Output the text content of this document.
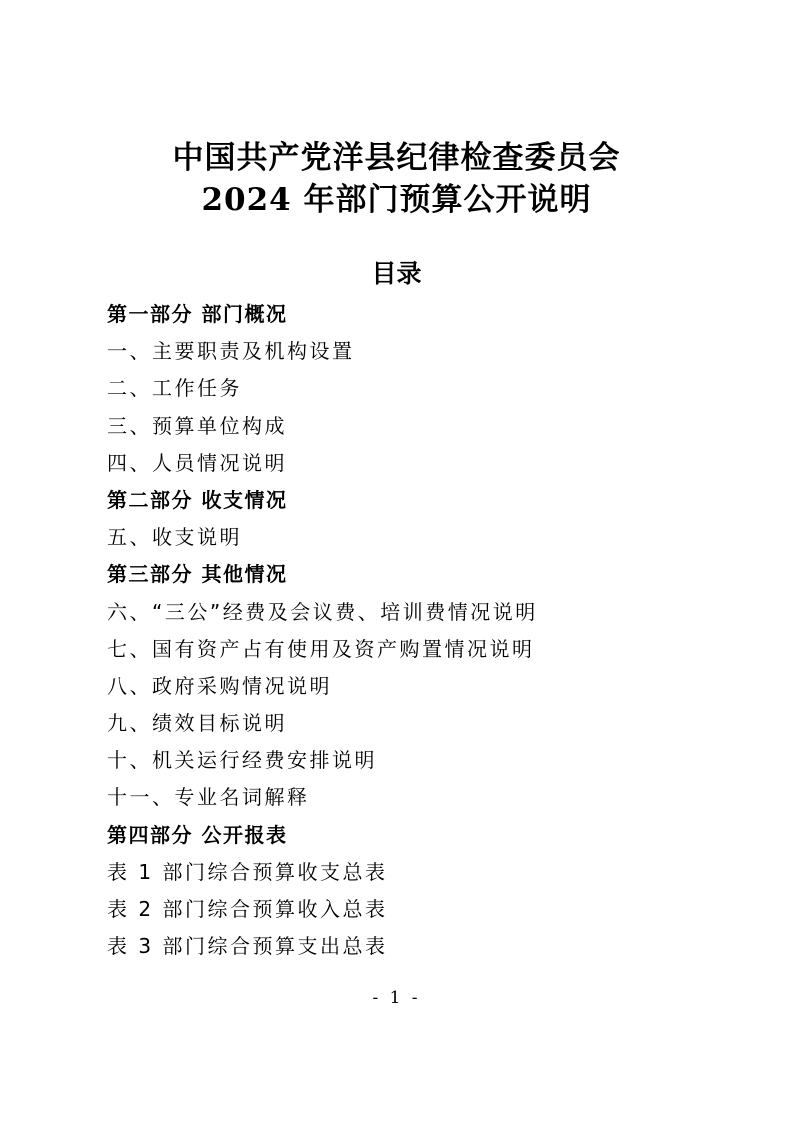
中国共产党洋县纪律检查委员会
2024 年部门预算公开说明
目录
第一部分 部门概况
一、主要职责及机构设置
二、工作任务
三、预算单位构成
四、人员情况说明
第二部分 收支情况
五、收支说明
第三部分 其他情况
六、“三公”经费及会议费、培训费情况说明
七、国有资产占有使用及资产购置情况说明
八、政府采购情况说明
九、绩效目标说明
十、机关运行经费安排说明
十一、专业名词解释
第四部分 公开报表
表 1 部门综合预算收支总表
表 2 部门综合预算收入总表
表 3 部门综合预算支出总表
- 1 -
